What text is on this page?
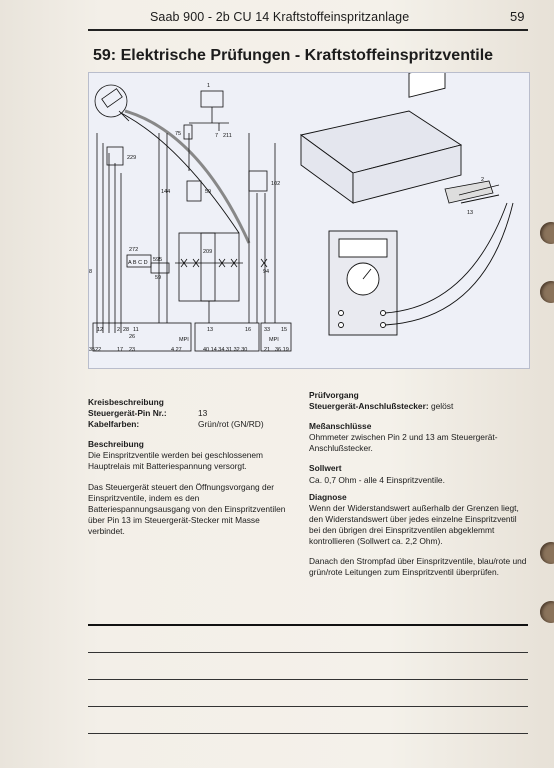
Saab 900 - 2b CU 14 Kraftstoffeinspritzanlage	59
59: Elektrische Prüfungen - Kraftstoffeinspritzventile
1
75	7 211
229
144	59
102
272
A B C D 595
59
209
94
8
12	2 28 11
26
13	16 33 15
MPI	MPI
3522	17 23	4 27	40 14 34 31 32 30	21 36 19
2
13
Kreisbeschreibung
Steuergerät-Pin Nr.:	13
Kabelfarben:	Grün/rot (GN/RD)
Beschreibung
Die Einspritzventile werden bei geschlossenem Hauptrelais mit Batteriespannung versorgt.
Das Steuergerät steuert den Öffnungsvorgang der Einspritzventile, indem es den Batteriespannungsausgang von den Einspritzventilen über Pin 13 im Steuergerät-Stecker mit Masse verbindet.
Prüfvorgang
Steuergerät-Anschlußstecker: gelöst
Meßanschlüsse
Ohmmeter zwischen Pin 2 und 13 am Steuergerät-Anschlußstecker.
Sollwert
Ca. 0,7 Ohm - alle 4 Einspritzventile.
Diagnose
Wenn der Widerstandswert außerhalb der Grenzen liegt, den Widerstandswert über jedes einzelne Einspritzventil bei den übrigen drei Einspritzventilen abgeklemmt kontrollieren (Sollwert ca. 2,2 Ohm).
Danach den Strompfad über Einspritzventile, blau/rote und grün/rote Leitungen zum Einspritzventil überprüfen.
